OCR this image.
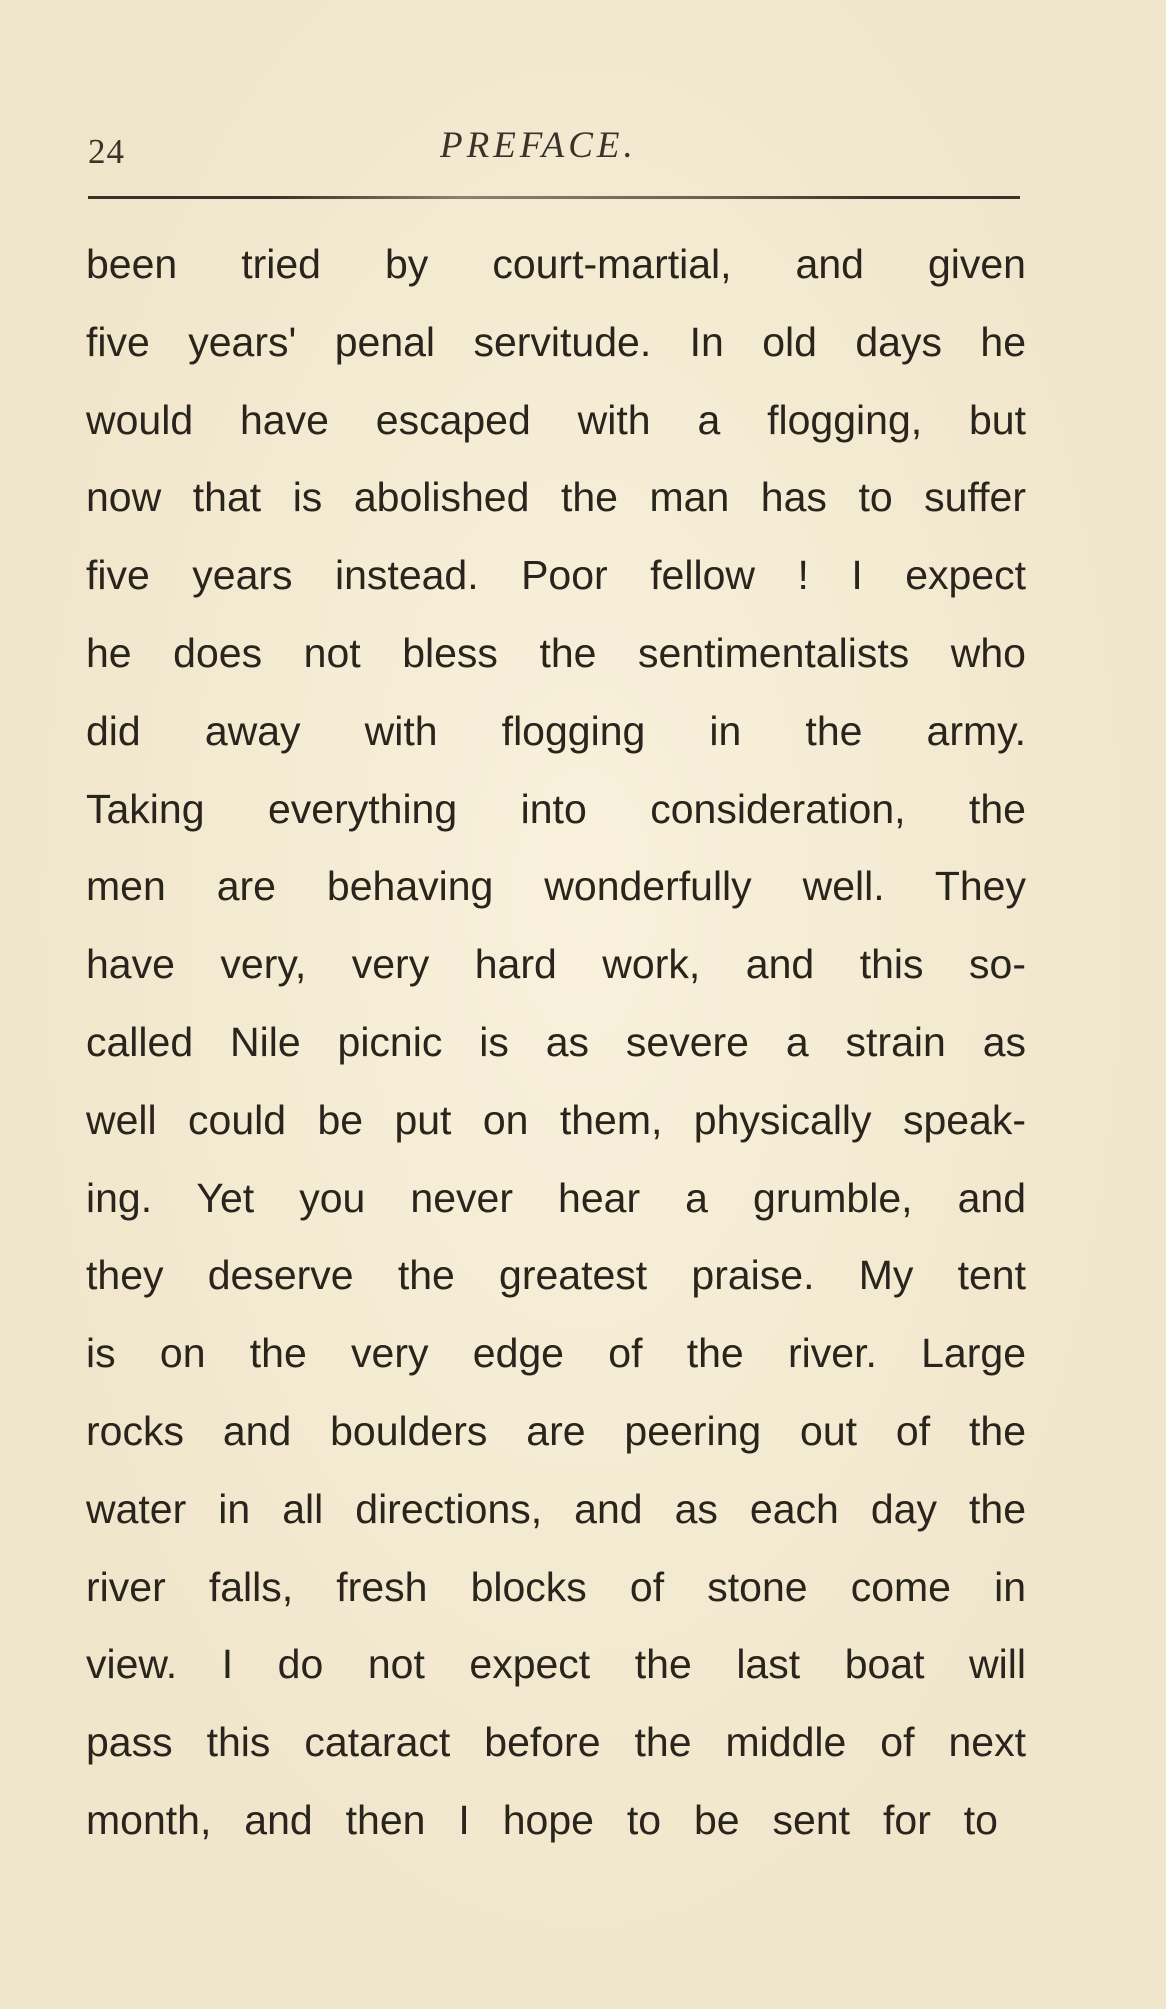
24	PREFACE.
been tried by court-martial, and given
five years' penal servitude. In old days he
would have escaped with a flogging, but
now that is abolished the man has to suffer
five years instead. Poor fellow ! I expect
he does not bless the sentimentalists who
did away with flogging in the army.
Taking everything into consideration, the
men are behaving wonderfully well. They
have very, very hard work, and this so-
called Nile picnic is as severe a strain as
well could be put on them, physically speak-
ing. Yet you never hear a grumble, and
they deserve the greatest praise. My tent
is on the very edge of the river. Large
rocks and boulders are peering out of the
water in all directions, and as each day the
river falls, fresh blocks of stone come in
view. I do not expect the last boat will
pass this cataract before the middle of next
month, and then I hope to be sent for to
